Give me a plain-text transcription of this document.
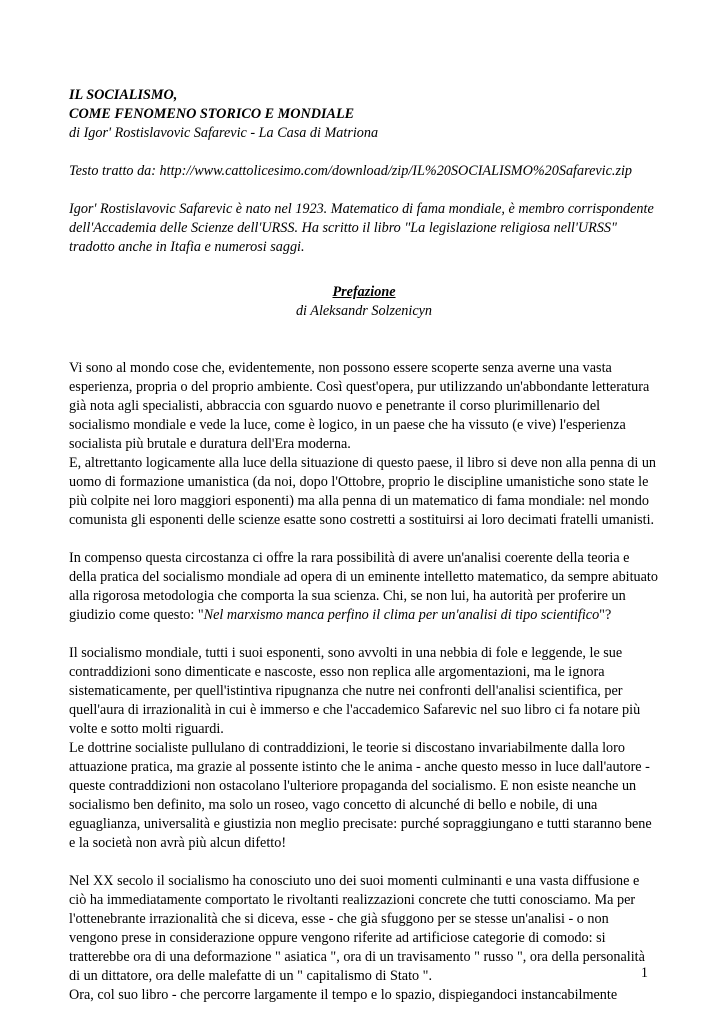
IL SOCIALISMO,

COME FENOMENO STORICO E MONDIALE

di Igor' Rostislavovic Safarevic - La Casa di Matriona

Testo tratto da: http://www.cattolicesimo.com/download/zip/IL%20SOCIALISMO%20Safarevic.zip

Igor' Rostislavovic Safarevic è nato nel 1923. Matematico di fama mondiale, è membro corrispondente dell'Accademia delle Scienze dell'URSS. Ha scritto il libro "La legislazione religiosa nell'URSS" tradotto anche in Itafia e numerosi saggi.

Prefazione

di Aleksandr Solzenicyn

Vi sono al mondo cose che, evidentemente, non possono essere scoperte senza averne una vasta esperienza, propria o del proprio ambiente. Così quest'opera, pur utilizzando un'abbondante letteratura già nota agli specialisti, abbraccia con sguardo nuovo e penetrante il corso plurimillenario del socialismo mondiale e vede la luce, come è logico, in un paese che ha vissuto (e vive) l'esperienza socialista più brutale e duratura dell'Era moderna.

E, altrettanto logicamente alla luce della situazione di questo paese, il libro si deve non alla penna di un uomo di formazione umanistica (da noi, dopo l'Ottobre, proprio le discipline umanistiche sono state le più colpite nei loro maggiori esponenti) ma alla penna di un matematico di fama mondiale: nel mondo comunista gli esponenti delle scienze esatte sono costretti a sostituirsi ai loro decimati fratelli umanisti.

In compenso questa circostanza ci offre la rara possibilità di avere un'analisi coerente della teoria e della pratica del socialismo mondiale ad opera di un eminente intelletto matematico, da sempre abituato alla rigorosa metodologia che comporta la sua scienza. Chi, se non lui, ha autorità per proferire un giudizio come questo: "Nel marxismo manca perfino il clima per un'analisi di tipo scientifico"?

Il socialismo mondiale, tutti i suoi esponenti, sono avvolti in una nebbia di fole e leggende, le sue contraddizioni sono dimenticate e nascoste, esso non replica alle argomentazioni, ma le ignora sistematicamente, per quell'istintiva ripugnanza che nutre nei confronti dell'analisi scientifica, per quell'aura di irrazionalità in cui è immerso e che l'accademico Safarevic nel suo libro ci fa notare più volte e sotto molti riguardi.

Le dottrine socialiste pullulano di contraddizioni, le teorie si discostano invariabilmente dalla loro attuazione pratica, ma grazie al possente istinto che le anima - anche questo messo in luce dall'autore - queste contraddizioni non ostacolano l'ulteriore propaganda del socialismo. E non esiste neanche un socialismo ben definito, ma solo un roseo, vago concetto di alcunché di bello e nobile, di una eguaglianza, universalità e giustizia non meglio precisate: purché sopraggiungano e tutti staranno bene e la società non avrà più alcun difetto!

Nel XX secolo il socialismo ha conosciuto uno dei suoi momenti culminanti e una vasta diffusione e ciò ha immediatamente comportato le rivoltanti realizzazioni concrete che tutti conosciamo. Ma per l'ottenebrante irrazionalità che si diceva, esse - che già sfuggono per se stesse un'analisi - o non vengono prese in considerazione oppure vengono riferite ad artificiose categorie di comodo: si tratterebbe ora di una deformazione " asiatica ", ora di un travisamento " russo ", ora della personalità di un dittatore, ora delle malefatte di un " capitalismo di Stato ".

Ora, col suo libro - che percorre largamente il tempo e lo spazio, dispiegandoci instancabilmente

1
